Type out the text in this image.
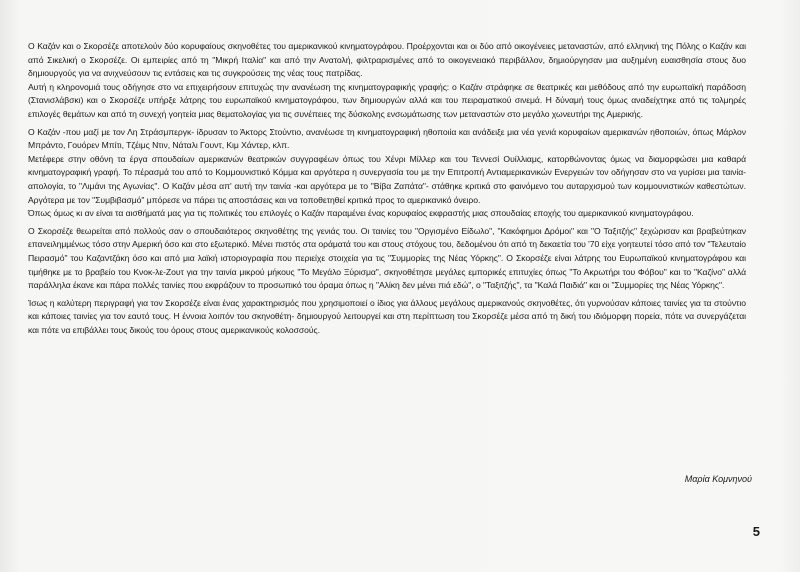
Ο Καζάν και ο Σκορσέζε αποτελούν δύο κορυφαίους σκηνοθέτες του αμερικανικού κινηματογράφου. Προέρχονται και οι δύο από οικογένειες μεταναστών, από ελληνική της Πόλης ο Καζάν και από Σικελική ο Σκορσέζε. Οι εμπειρίες από τη "Μικρή Ιταλία" και από την Ανατολή, φιλτραρισμένες από το οικογενειακό περιβάλλον, δημιούργησαν μια αυξημένη ευαισθησία στους δυο δημιουργούς για να ανιχνεύσουν τις εντάσεις και τις συγκρούσεις της νέας τους πατρίδας.

Αυτή η κληρονομιά τους οδήγησε στο να επιχειρήσουν επιτυχώς την ανανέωση της κινηματογραφικής γραφής: ο Καζάν στράφηκε σε θεατρικές και μεθόδους από την ευρωπαϊκή παράδοση (Στανισλάβσκι) και ο Σκορσέζε υπήρξε λάτρης του ευρωπαϊκού κινηματογράφου, των δημιουργών αλλά και του πειραματικού σινεμά. Η δύναμή τους όμως αναδείχτηκε από τις τολμηρές επιλογές θεμάτων και από τη συνεχή γοητεία μιας θεματολογίας για τις συνέπειες της δύσκολης ενσωμάτωσης των μεταναστών στο μεγάλο χωνευτήρι της Αμερικής.

Ο Καζάν -που μαζί με τον Λη Στράσμπεργκ- ίδρυσαν το Άκτορς Στούντιο, ανανέωσε τη κινηματογραφική ηθοποιία και ανάδειξε μια νέα γενιά κορυφαίων αμερικανών ηθοποιών, όπως Μάρλον Μπράντο, Γουόρεν Μπίτι, Τζέιμς Ντιν, Νάταλι Γουντ, Κιμ Χάντερ, κλπ.

Μετέφερε στην οθόνη τα έργα σπουδαίων αμερικανών θεατρικών συγγραφέων όπως του Χένρι Μίλλερ και του Τεννεσί Ουίλλιαμς, κατορθώνοντας όμως να διαμορφώσει μια καθαρά κινηματογραφική γραφή. Το πέρασμά του από το Κομμουνιστικό Κόμμα και αργότερα η συνεργασία του με την Επιτροπή Αντιαμερικανικών Ενεργειών τον οδήγησαν στο να γυρίσει μια ταινία-απολογία, το "Λιμάνι της Αγωνίας". Ο Καζάν μέσα απ' αυτή την ταινία -και αργότερα με το "Βίβα Ζαπάτα"- στάθηκε κριτικά στο φαινόμενο του αυταρχισμού των κομμουνιστικών καθεστώτων. Αργότερα με τον "Συμβιβασμό" μπόρεσε να πάρει τις αποστάσεις και να τοποθετηθεί κριτικά προς το αμερικανικό όνειρο.

Όπως όμως κι αν είναι τα αισθήματά μας για τις πολιτικές του επιλογές ο Καζάν παραμένει ένας κορυφαίος εκφραστής μιας σπουδαίας εποχής του αμερικανικού κινηματογράφου.

Ο Σκορσέζε θεωρείται από πολλούς σαν ο σπουδαιότερος σκηνοθέτης της γενιάς του. Οι ταινίες του "Οργισμένο Είδωλο", "Κακόφημοι Δρόμοι" και "Ο Ταξιτζής" ξεχώρισαν και βραβεύτηκαν επανειλημμένως τόσο στην Αμερική όσο και στο εξωτερικό. Μένει πιστός στα οράματά του και στους στόχους του, δεδομένου ότι από τη δεκαετία του '70 είχε γοητευτεί τόσο από τον "Τελευταίο Πειρασμό" του Καζαντζάκη όσο και από μια λαϊκή ιστοριογραφία που περιείχε στοιχεία για τις "Συμμορίες της Νέας Υόρκης". Ο Σκορσέζε είναι λάτρης του Ευρωπαϊκού κινηματογράφου και τιμήθηκε με το βραβείο του Κνοκ-λε-Ζουτ για την ταινία μικρού μήκους "Το Μεγάλο Ξύρισμα", σκηνοθέτησε μεγάλες εμπορικές επιτυχίες όπως "Το Ακρωτήρι του Φόβου" και το "Καζίνο" αλλά παράλληλα έκανε και πάρα πολλές ταινίες που εκφράζουν το προσωπικό του όραμα όπως η "Αλίκη δεν μένει πιά εδώ", ο "Ταξιτζής", τα "Καλά Παιδιά" και οι "Συμμορίες της Νέας Υόρκης".

Ίσως η καλύτερη περιγραφή για τον Σκορσέζε είναι ένας χαρακτηρισμός που χρησιμοποιεί ο ίδιος για άλλους μεγάλους αμερικανούς σκηνοθέτες, ότι γυρνούσαν κάποιες ταινίες για τα στούντιο και κάποιες ταινίες για τον εαυτό τους. Η έννοια λοιπόν του σκηνοθέτη- δημιουργού λειτουργεί και στη περίπτωση του Σκορσέζε μέσα από τη δική του ιδιόμορφη πορεία, πότε να συνεργάζεται και πότε να επιβάλλει τους δικούς του όρους στους αμερικανικούς κολοσσούς.

Μαρία Κομνηνού
5
